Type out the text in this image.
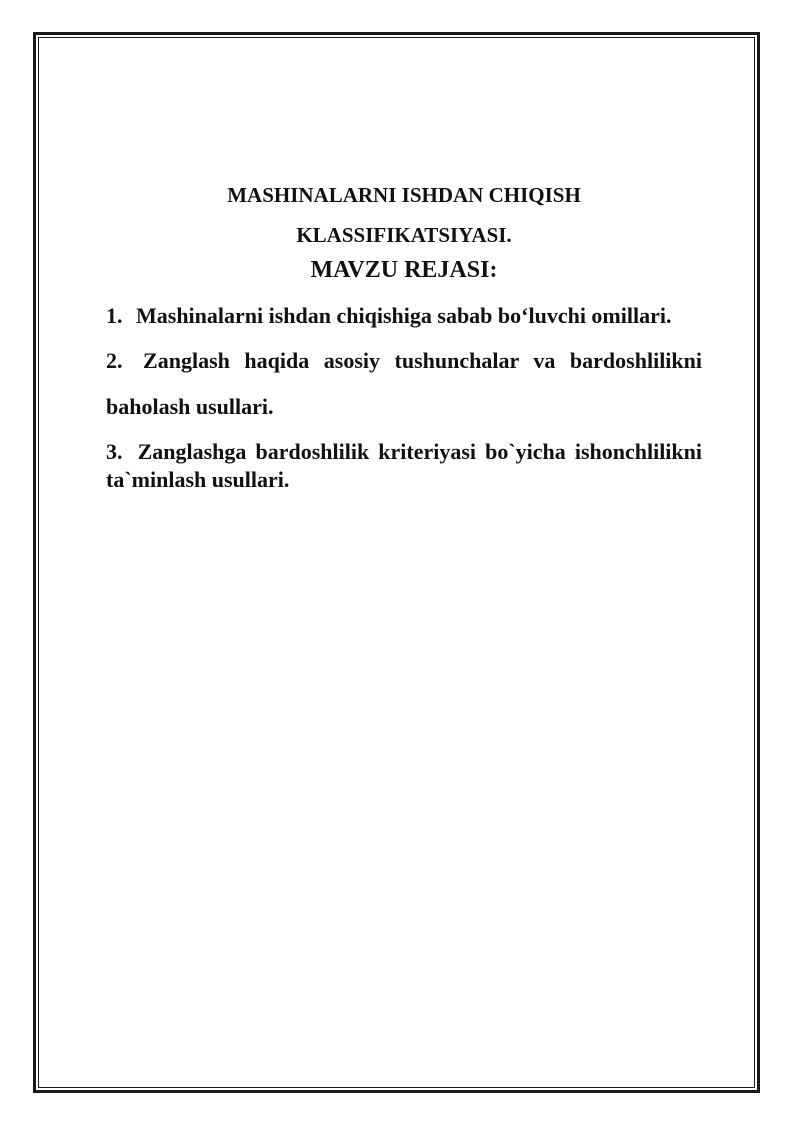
MASHINALARNI ISHDAN CHIQISH
KLASSIFIKATSIYASI.
MAVZU REJASI:
1. Mashinalarni ishdan chiqishiga sabab bo‘luvchi omillari.
2. Zanglash haqida asosiy tushunchalar va bardoshlilikni baholash usullari.
3. Zanglashga bardoshlilik kriteriyasi bo`yicha ishonchlilikni ta`minlash usullari.
